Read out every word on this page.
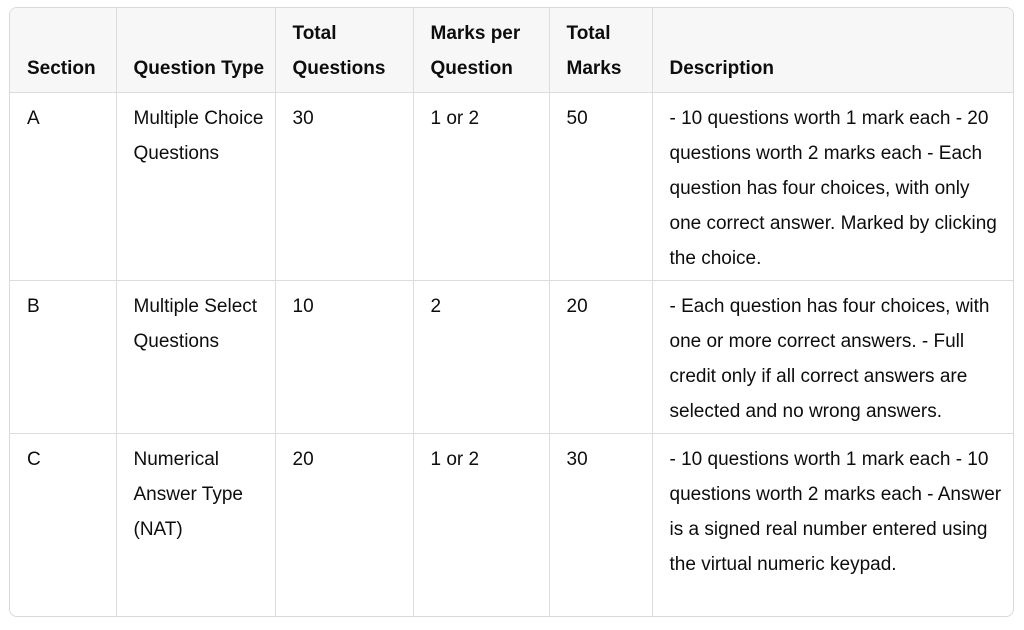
Section	Question Type	Total Questions	Marks per Question	Total Marks	Description
A	Multiple Choice Questions	30	1 or 2	50	- 10 questions worth 1 mark each - 20 questions worth 2 marks each - Each question has four choices, with only one correct answer. Marked by clicking the choice.
B	Multiple Select Questions	10	2	20	- Each question has four choices, with one or more correct answers. - Full credit only if all correct answers are selected and no wrong answers.
C	Numerical Answer Type (NAT)	20	1 or 2	30	- 10 questions worth 1 mark each - 10 questions worth 2 marks each - Answer is a signed real number entered using the virtual numeric keypad.
